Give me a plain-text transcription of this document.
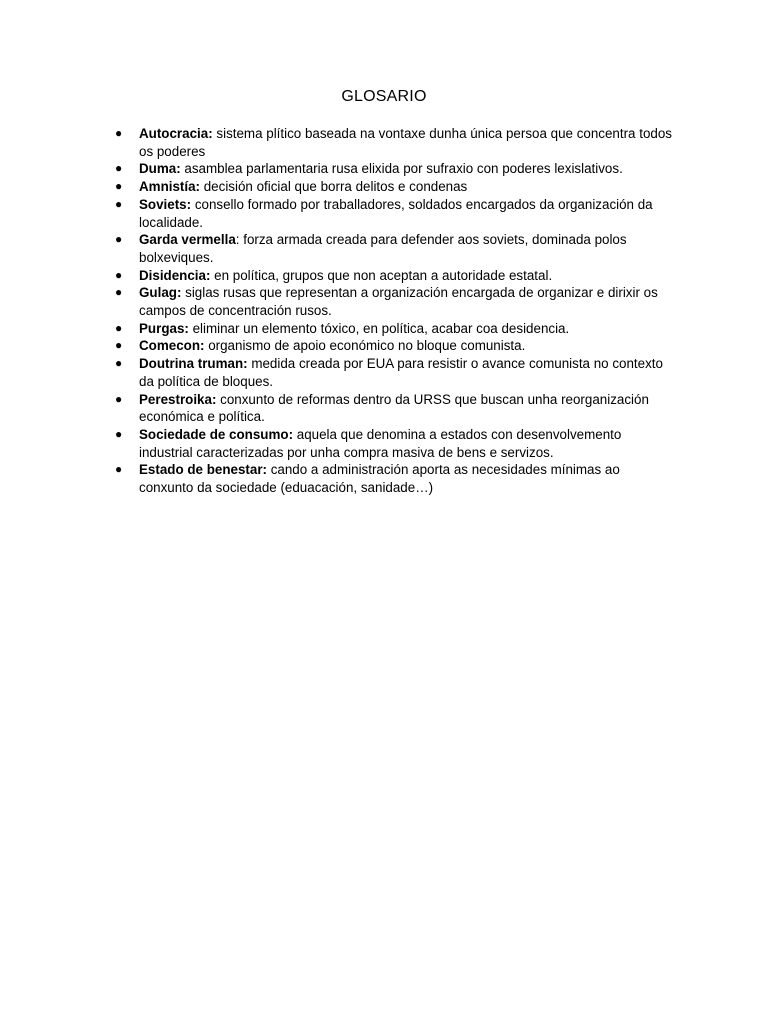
GLOSARIO
● Autocracia: sistema plítico baseada na vontaxe dunha única persoa que concentra todos os poderes
● Duma: asamblea parlamentaria rusa elixida por sufraxio con poderes lexislativos.
● Amnistía: decisión oficial que borra delitos e condenas
● Soviets: consello formado por traballadores, soldados encargados da organización da localidade.
● Garda vermella: forza armada creada para defender aos soviets, dominada polos bolxeviques.
● Disidencia: en política, grupos que non aceptan a autoridade estatal.
● Gulag: siglas rusas que representan a organización encargada de organizar e dirixir os campos de concentración rusos.
● Purgas: eliminar un elemento tóxico, en política, acabar coa desidencia.
● Comecon: organismo de apoio económico no bloque comunista.
● Doutrina truman: medida creada por EUA para resistir o avance comunista no contexto da política de bloques.
● Perestroika: conxunto de reformas dentro da URSS que buscan unha reorganización económica e política.
● Sociedade de consumo: aquela que denomina a estados con desenvolvemento industrial caracterizadas por unha compra masiva de bens e servizos.
● Estado de benestar: cando a administración aporta as necesidades mínimas ao conxunto da sociedade (eduacación, sanidade…)
